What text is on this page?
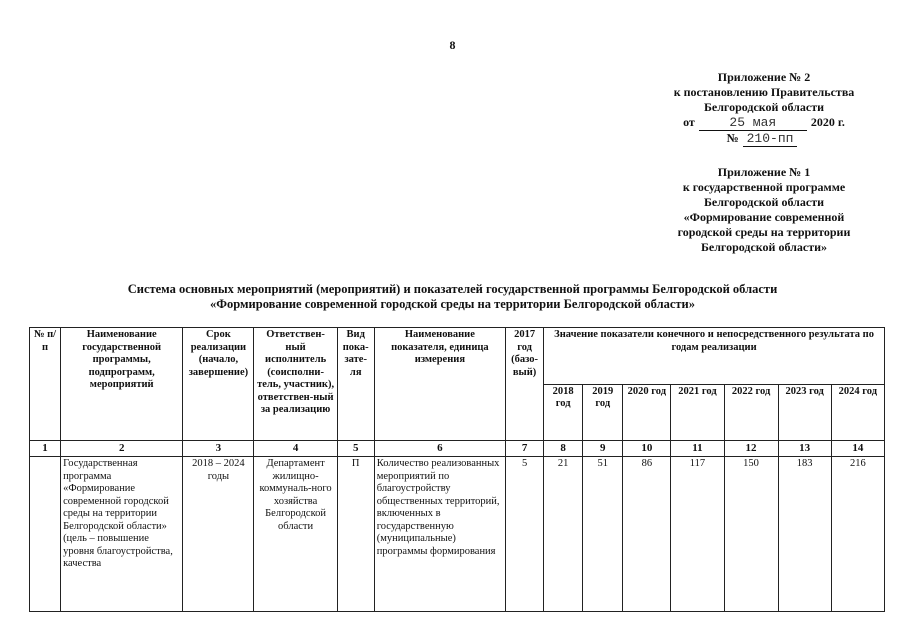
8
Приложение № 2
к постановлению Правительства
Белгородской области
от	25 мая	2020 г.
№ 210-пп
Приложение № 1
к государственной программе
Белгородской области
«Формирование современной
городской среды на территории
Белгородской области»
Система основных мероприятий (мероприятий) и показателей государственной программы Белгородской области
«Формирование современной городской среды на территории Белгородской области»
№ п/п	Наименование государственной программы, подпрограмм, мероприятий	Срок реализации (начало, завершение)	Ответствен-ный исполнитель (соисполни-тель, участник), ответствен-ный за реализацию	Вид пока-зате-ля	Наименование показателя, единица измерения	2017 год (базо-вый)	Значение показатели конечного и непосредственного результата по годам реализации						
							2018 год	2019 год	2020 год	2021 год	2022 год	2023 год	2024 год
1	2	3	4	5	6	7	8	9	10	11	12	13	14
	Государственная программа «Формирование современной городской среды на территории Белгородской области» (цель – повышение уровня благоустройства, качества	2018 – 2024 годы	Департамент жилищно-коммуналь-ного хозяйства Белгородской области	П	Количество реализованных мероприятий по благоустройству общественных территорий, включенных в государственную (муниципальные) программы формирования	5	21	51	86	117	150	183	216
